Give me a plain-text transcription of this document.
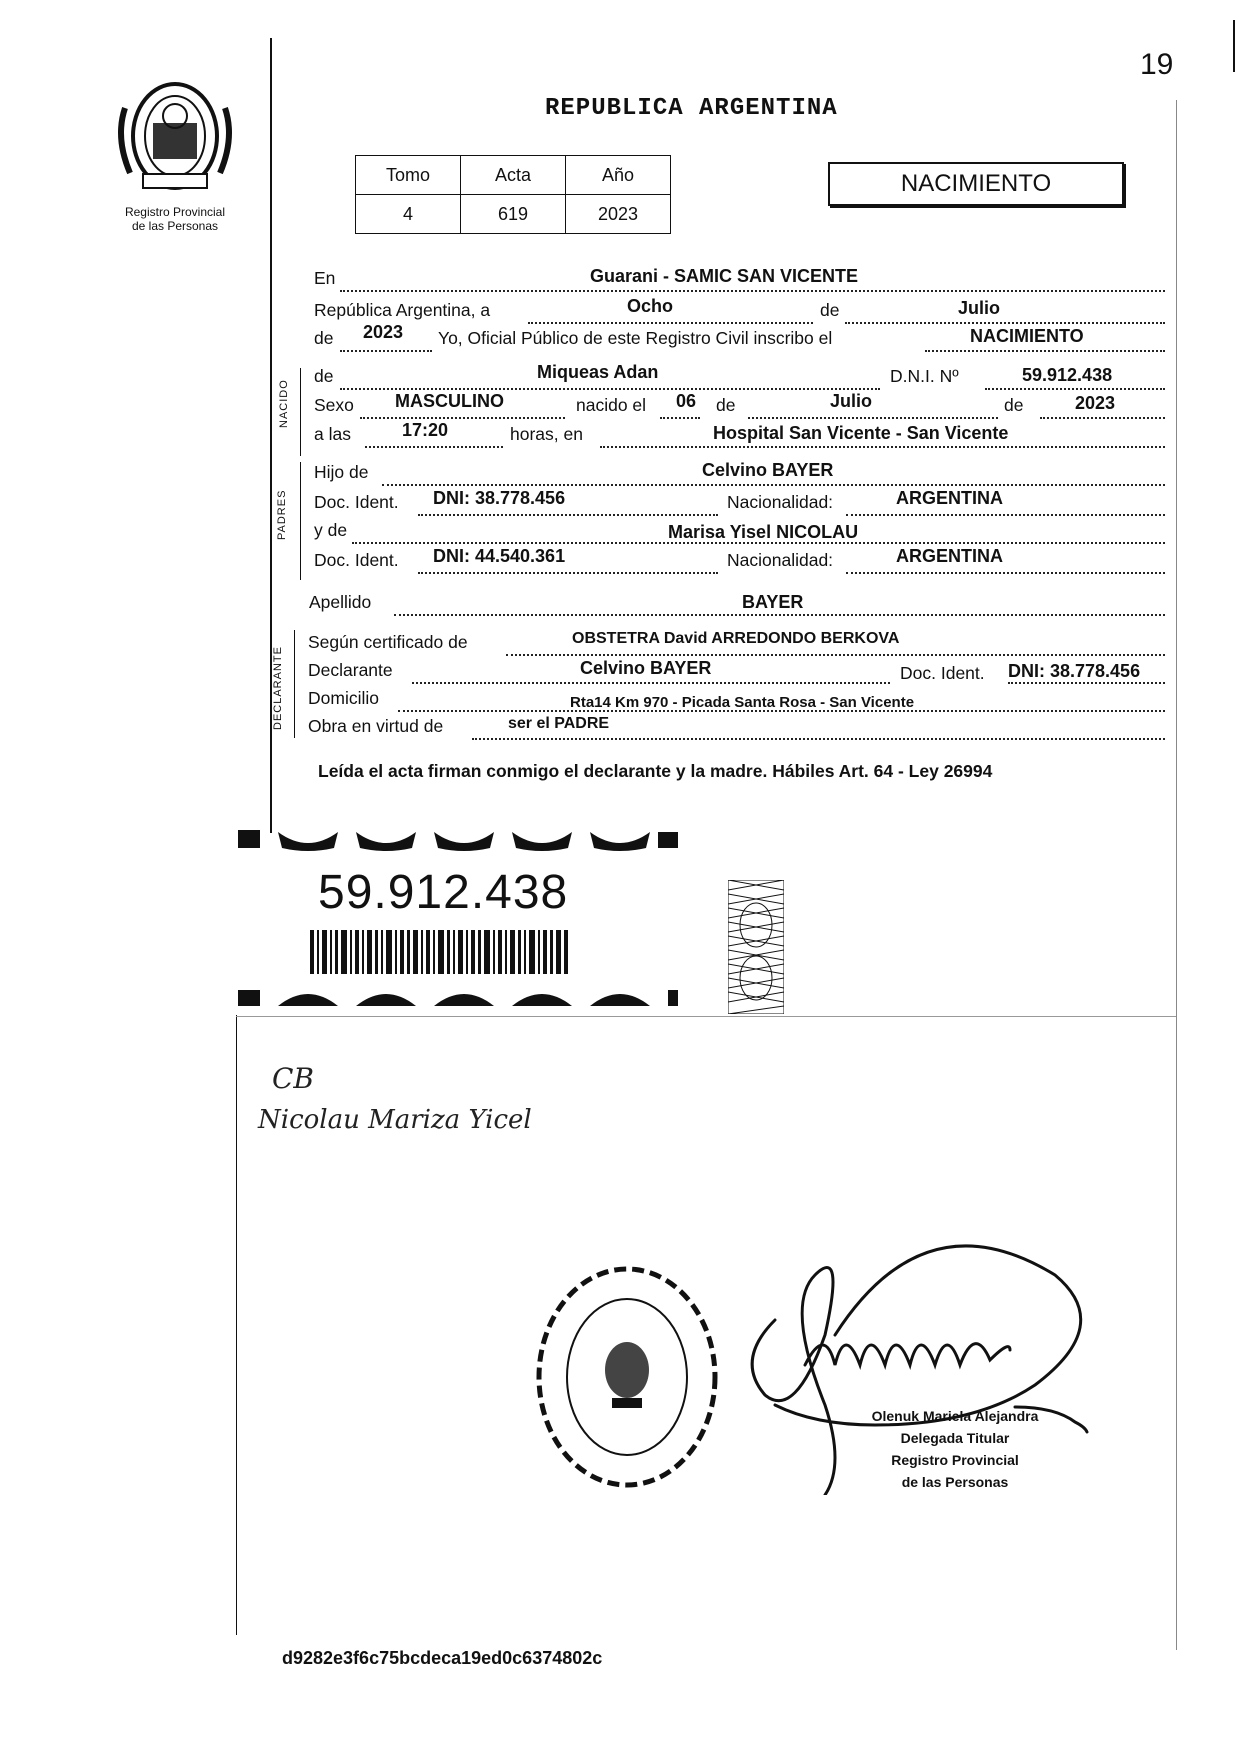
19
Registro Provincial
de las Personas
REPUBLICA ARGENTINA
Tomo	Acta	Año
4	619	2023
NACIMIENTO
En	Guarani - SAMIC SAN VICENTE
República Argentina, a	Ocho	de	Julio
de 2023 Yo, Oficial Público de este Registro Civil inscribo el	NACIMIENTO
NACIDO
de	Miqueas Adan	D.N.I. Nº	59.912.438
Sexo MASCULINO	nacido el 06 de	Julio	de	2023
a las	17:20	horas, en	Hospital San Vicente - San Vicente
PADRES
Hijo de	Celvino BAYER
Doc. Ident. DNI: 38.778.456	Nacionalidad:	ARGENTINA
y de	Marisa Yisel NICOLAU
Doc. Ident. DNI: 44.540.361	Nacionalidad:	ARGENTINA
Apellido	BAYER
DECLARANTE
Según certificado de	OBSTETRA David ARREDONDO BERKOVA
Declarante	Celvino BAYER	Doc. Ident. DNI: 38.778.456
Domicilio	Rta14 Km 970 - Picada Santa Rosa - San Vicente
Obra en virtud de	ser el PADRE
Leída el acta firman conmigo el declarante y la madre. Hábiles Art. 64 - Ley 26994
59.912.438
CB
Nicolau Mariza Yicel
Olenuk Mariela Alejandra
Delegada Titular
Registro Provincial
de las Personas
d9282e3f6c75bcdeca19ed0c6374802c
